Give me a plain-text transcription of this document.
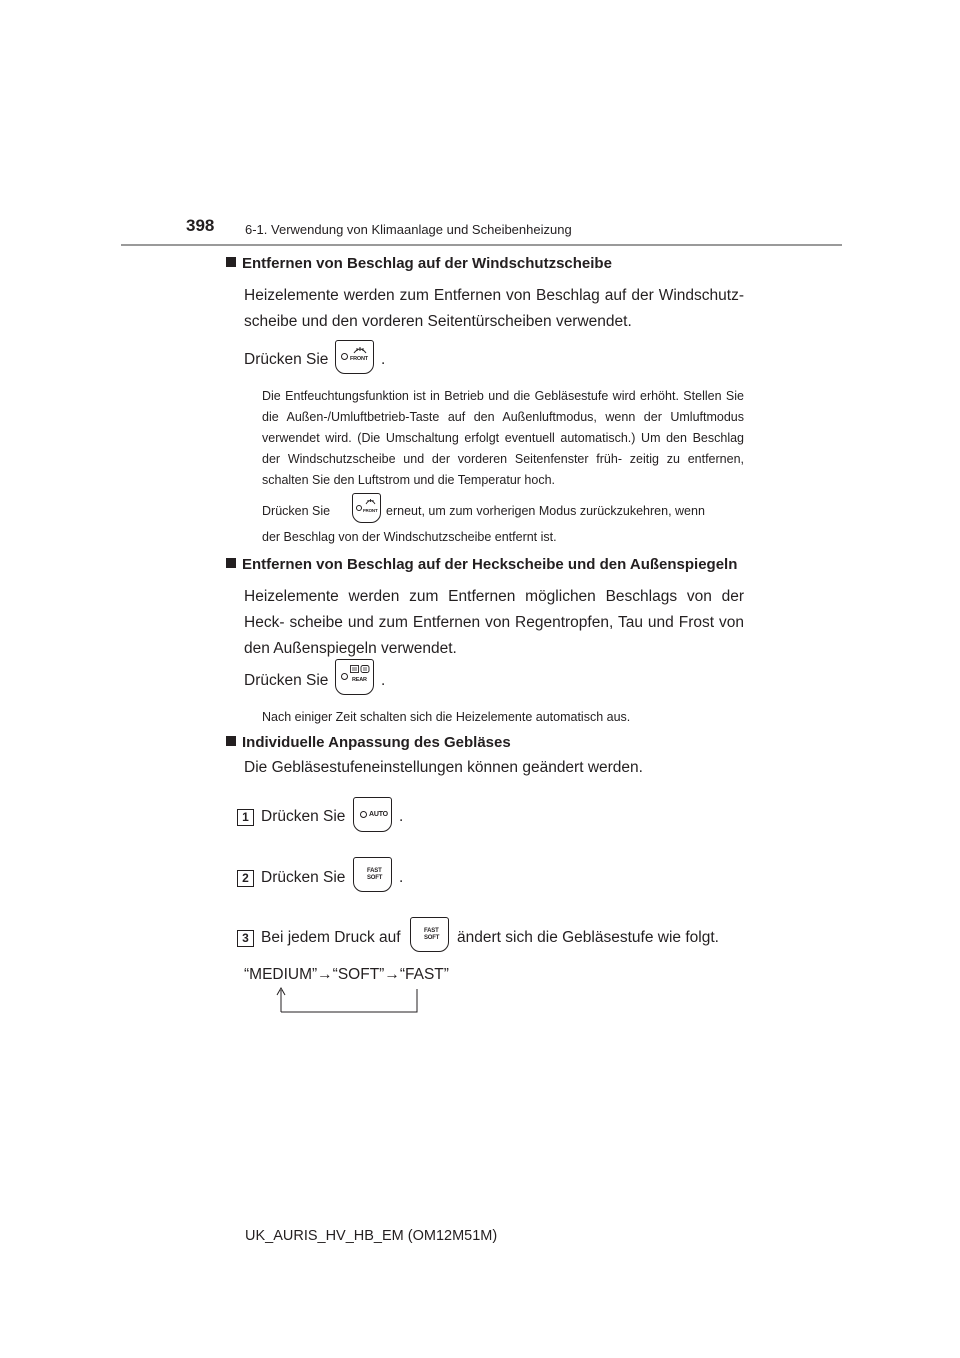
398 6-1. Verwendung von Klimaanlage und Scheibenheizung
Entfernen von Beschlag auf der Windschutzscheibe
Heizelemente werden zum Entfernen von Beschlag auf der Windschutz- scheibe und den vorderen Seitentürscheiben verwendet.
Drücken Sie	FRONT .
Die Entfeuchtungsfunktion ist in Betrieb und die Gebläsestufe wird erhöht. Stellen Sie die Außen-/Umluftbetrieb-Taste auf den Außenluftmodus, wenn der Umluftmodus verwendet wird. (Die Umschaltung erfolgt eventuell automatisch.) Um den Beschlag der Windschutzscheibe und der vorderen Seitenfenster früh- zeitig zu entfernen, schalten Sie den Luftstrom und die Temperatur hoch.
Drücken Sie	FRONT erneut, um zum vorherigen Modus zurückzukehren, wenn
der Beschlag von der Windschutzscheibe entfernt ist.
Entfernen von Beschlag auf der Heckscheibe und den Außenspiegeln
Heizelemente werden zum Entfernen möglichen Beschlags von der Heck- scheibe und zum Entfernen von Regentropfen, Tau und Frost von den Außenspiegeln verwendet.
Drücken Sie	REAR .
Nach einiger Zeit schalten sich die Heizelemente automatisch aus.
Individuelle Anpassung des Gebläses
Die Gebläsestufeneinstellungen können geändert werden.
1 Drücken Sie	AUTO .
2 Drücken Sie	FAST
SOFT .
3 Bei jedem Druck auf	FAST
SOFT ändert sich die Gebläsestufe wie folgt.
“MEDIUM”→“SOFT”→“FAST”
UK_AURIS_HV_HB_EM (OM12M51M)
